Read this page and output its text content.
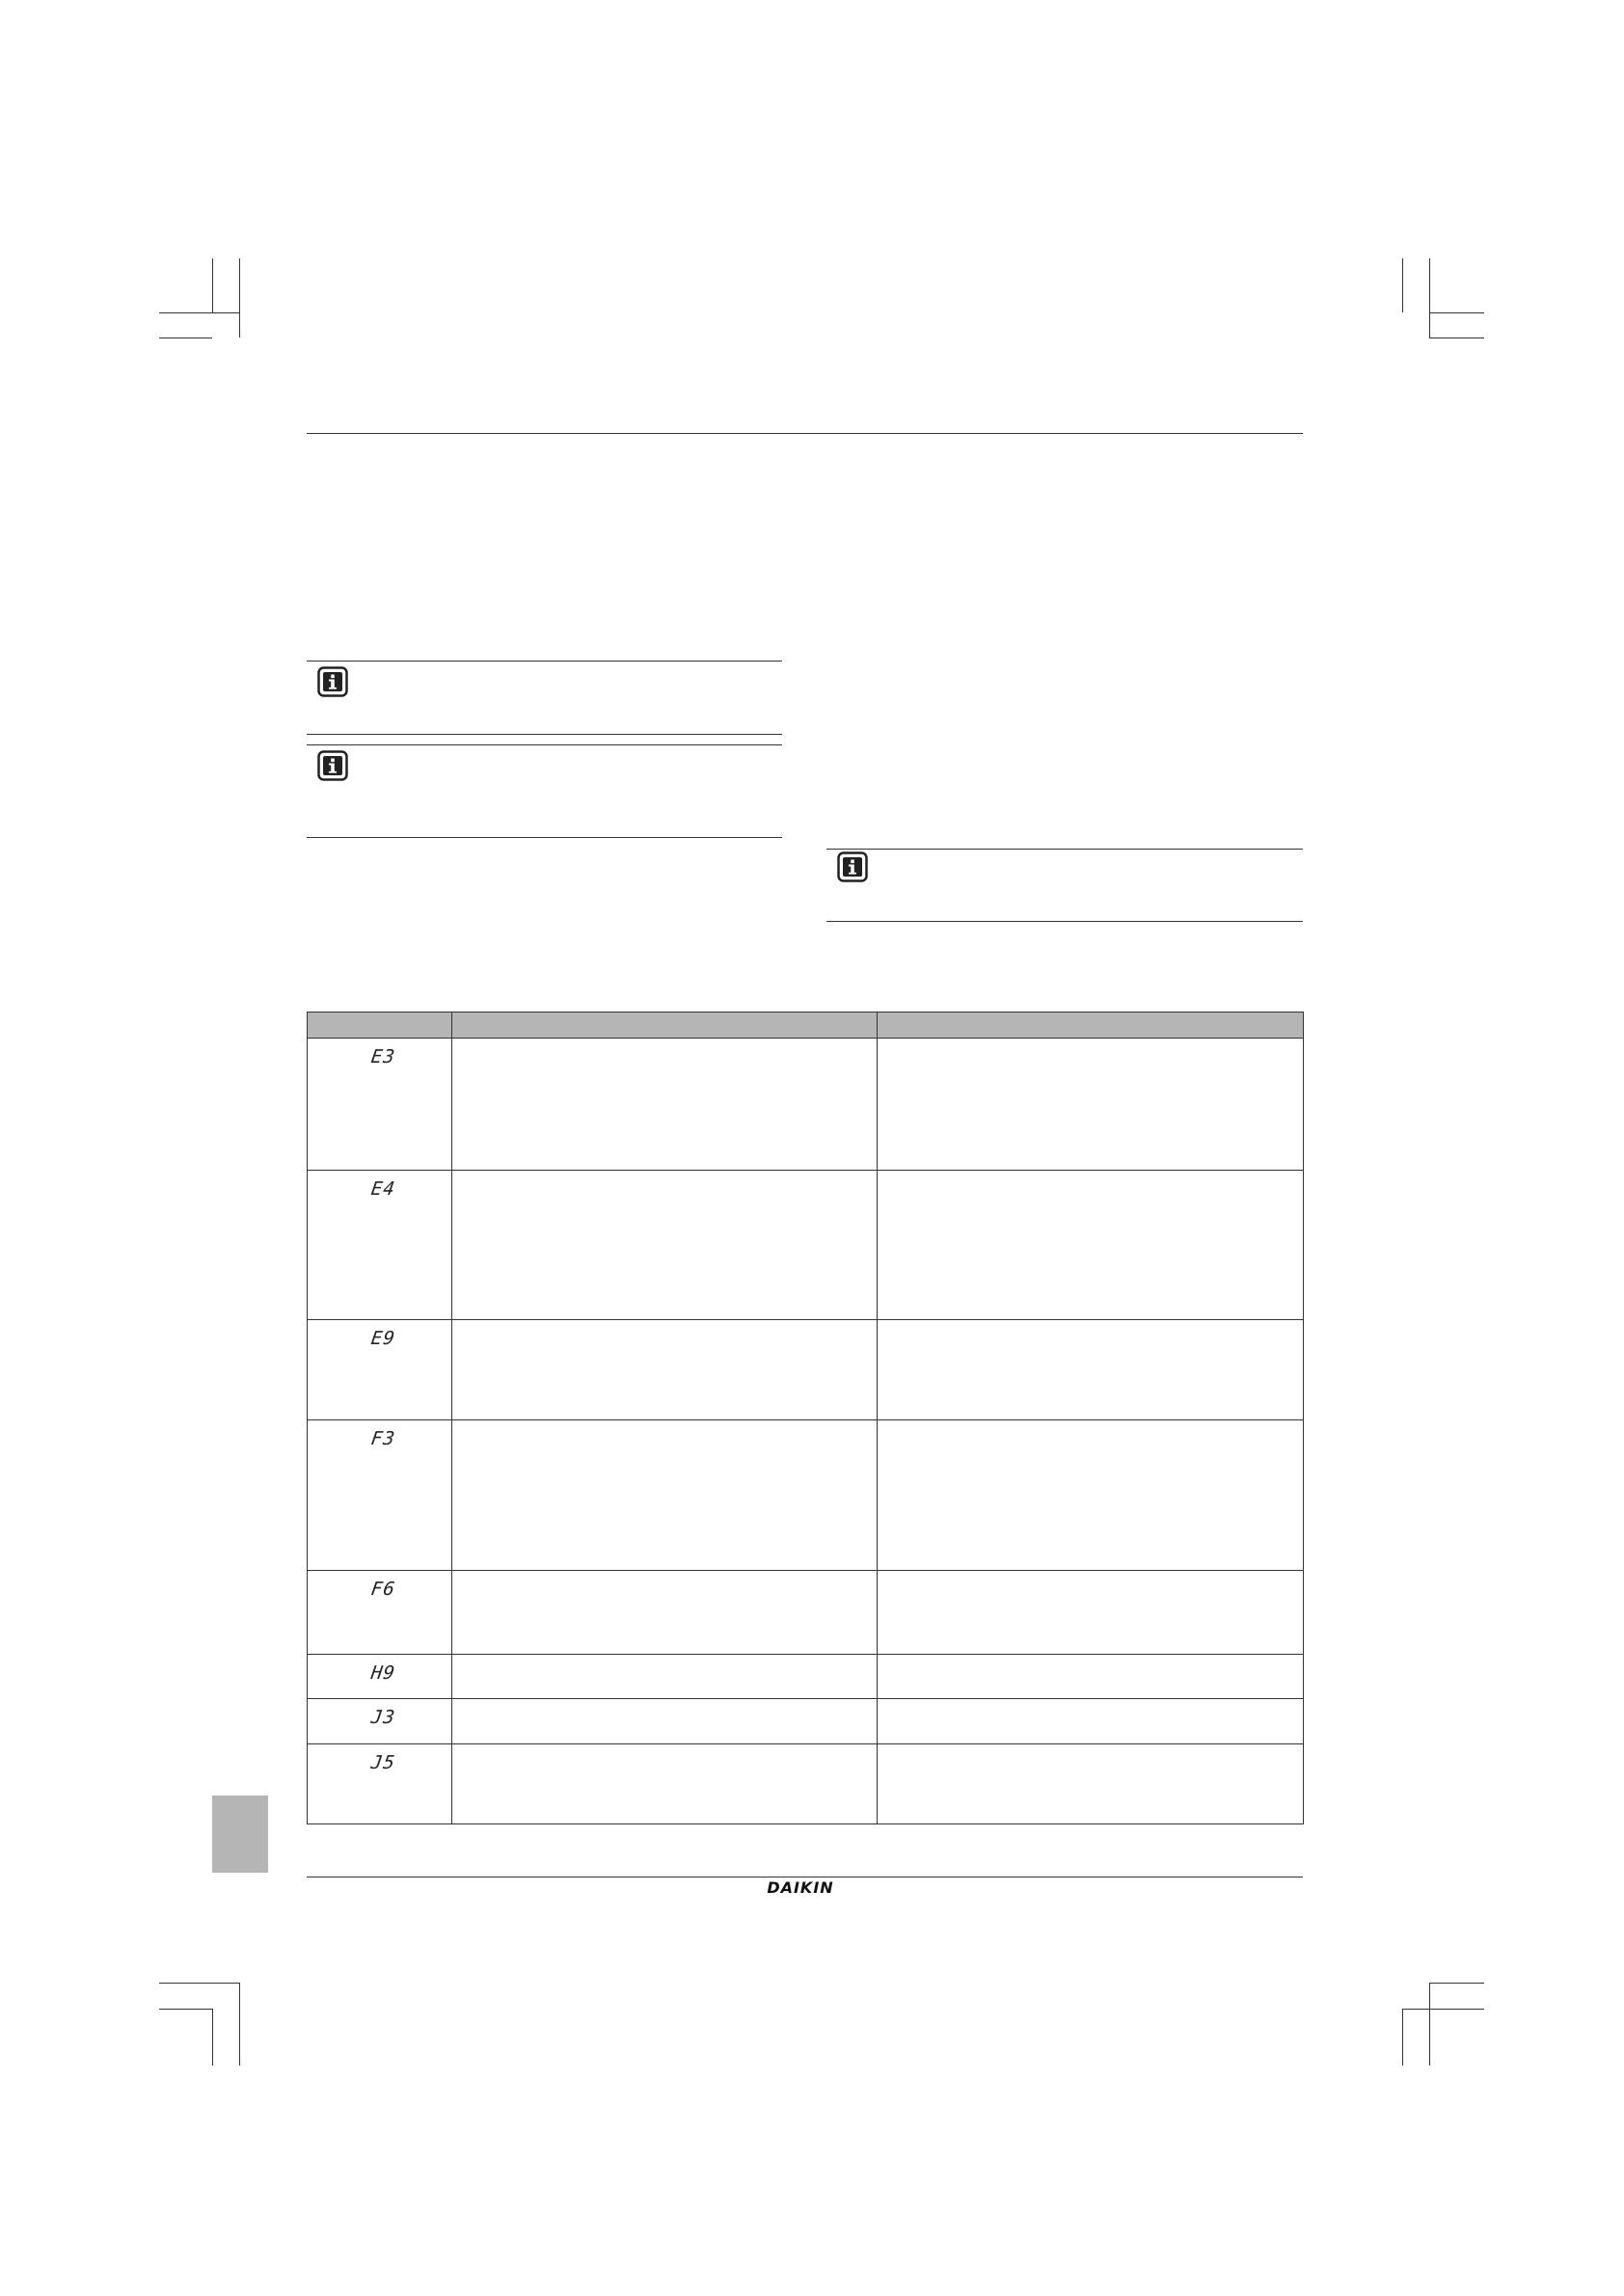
E3		
E4		
E9		
F3		
F6		
H9		
J3		
J5		
DAIKIN
